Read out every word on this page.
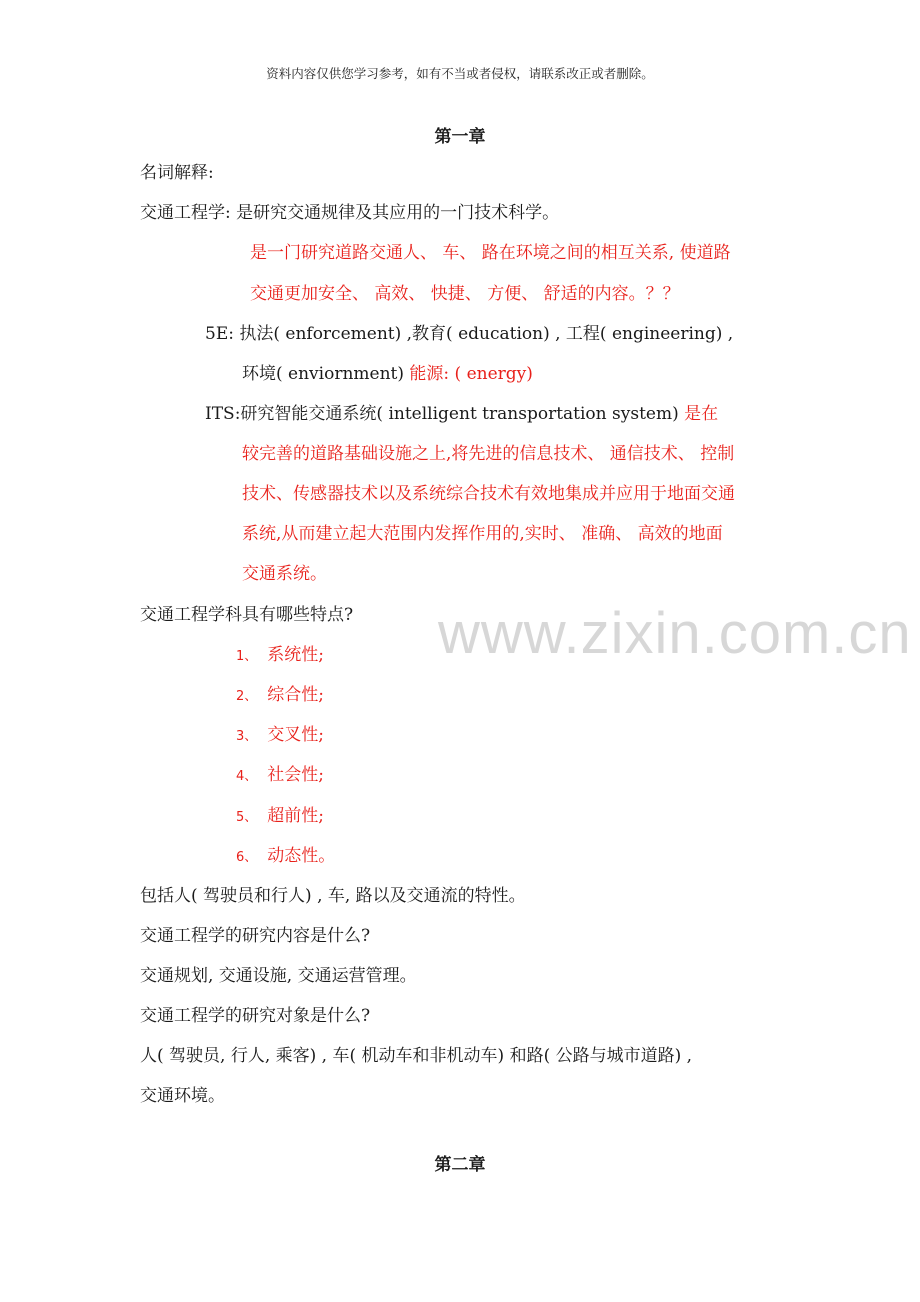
资料内容仅供您学习参考，如有不当或者侵权，请联系改正或者删除。
www.zixin.com.cn
第一章
名词解释:
交通工程学: 是研究交通规律及其应用的一门技术科学。
是一门研究道路交通人、 车、 路在环境之间的相互关系, 使道路
交通更加安全、 高效、 快捷、 方便、 舒适的内容。？？
5E: 执法( enforcement) ,教育( education) , 工程( engineering) ,
环境( enviornment) 能源: ( energy)
ITS:研究智能交通系统( intelligent transportation system) 是在
较完善的道路基础设施之上,将先进的信息技术、 通信技术、 控制
技术、传感器技术以及系统综合技术有效地集成并应用于地面交通
系统,从而建立起大范围内发挥作用的,实时、 准确、 高效的地面
交通系统。
交通工程学科具有哪些特点?
1、 系统性;
2、 综合性;
3、 交叉性;
4、 社会性;
5、 超前性;
6、 动态性。
包括人( 驾驶员和行人) , 车, 路以及交通流的特性。
交通工程学的研究内容是什么?
交通规划, 交通设施, 交通运营管理。
交通工程学的研究对象是什么?
人( 驾驶员, 行人, 乘客) , 车( 机动车和非机动车) 和路( 公路与城市道路) ,
交通环境。
第二章
